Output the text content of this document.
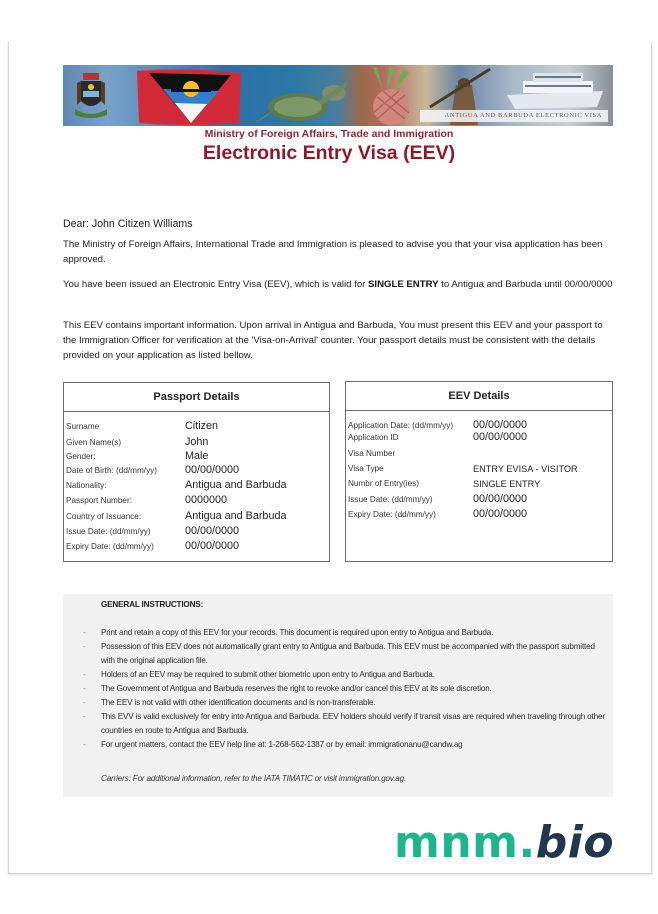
ANTIGUA AND BARBUDA ELECTRONIC VISA
Ministry of Foreign Affairs, Trade and Immigration
Electronic Entry Visa (EEV)
Dear: John Citizen Williams
The Ministry of Foreign Affairs, International Trade and Immigration is pleased to advise you that your visa application has been approved.
You have been issued an Electronic Entry Visa (EEV), which is valid for SINGLE ENTRY to Antigua and Barbuda until 00/00/0000
This EEV contains important information. Upon arrival in Antigua and Barbuda, You must present this EEV and your passport to the Immigration Officer for verification at the 'Visa-on-Arrival' counter. Your passport details must be consistent with the details provided on your application as listed bellow.
Passport Details
Surname	Citizen
Given Name(s)	John
Gender:	Male
Date of Birth: (dd/mm/yy)	00/00/0000
Nationality:	Antigua and Barbuda
Passport Number:	0000000
Country of Issuance:	Antigua and Barbuda
Issue Date: (dd/mm/yy)	00/00/0000
Expiry Date: (dd/mm/yy)	00/00/0000
EEV Details
Application Date: (dd/mm/yy) 00/00/0000
Application ID	00/00/0000
Visa Number
Visa Type	ENTRY EVISA - VISITOR
Numbr of Entry(ies)	SINGLE ENTRY
Issue Date: (dd/mm/yy)	00/00/0000
Expiry Date: (dd/mm/yy)	00/00/0000
GENERAL INSTRUCTIONS:
- Print and retain a copy of this EEV for your records. This document is required upon entry to Antigua and Barbuda.
- Possession of this EEV does not automatically grant entry to Antigua and Barbuda. This EEV must be accompanied with the passport submitted with the original application file.
- Holders of an EEV may be required to submit other biometric upon entry to Antigua and Barbuda.
- The Government of Antigua and Barbuda reserves the right to revoke and/or cancel this EEV at its sole discretion.
- The EEV is not valid with other identification documents and is non-transferable.
- This EVV is valid exclusively for entry into Antigua and Barbuda. EEV holders should verify if transit visas are required when traveling through other countries en route to Antigua and Barbuda.
- For urgent matters, contact the EEV help line at: 1-268-562-1387 or by email: immigrationanu@candw.ag
Carriers: For additional information, refer to the IATA TIMATIC or visit immigration.gov.ag.
mnm.bio
